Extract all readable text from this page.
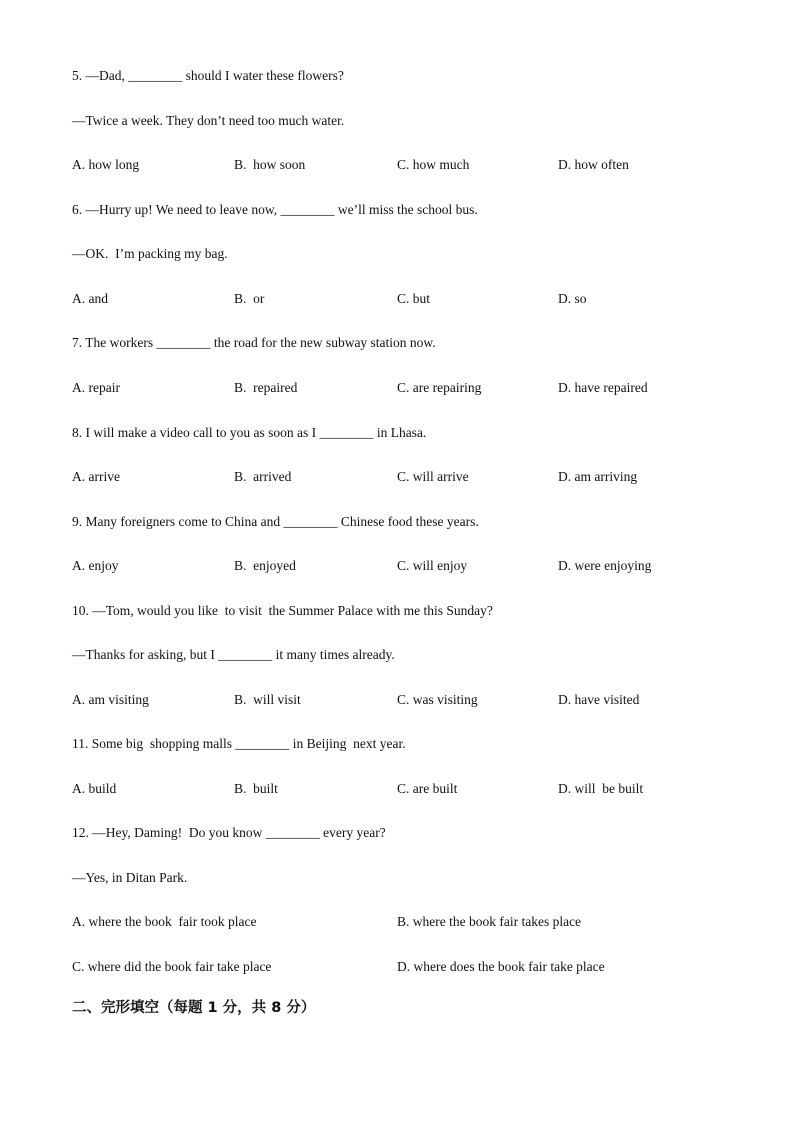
5. —Dad, ________ should I water these flowers?
—Twice a week. They don’t need too much water.
A. how long	B.  how soon	C. how much	D. how often
6. —Hurry up! We need to leave now, ________ we’ll miss the school bus.
—OK.  I’m packing my bag.
A. and	B.  or	C. but	D. so
7. The workers ________ the road for the new subway station now.
A. repair	B.  repaired	C. are repairing	D. have repaired
8. I will make a video call to you as soon as I ________ in Lhasa.
A. arrive	B.  arrived	C. will arrive	D. am arriving
9. Many foreigners come to China and ________ Chinese food these years.
A. enjoy	B.  enjoyed	C. will enjoy	D. were enjoying
10. —Tom, would you like  to visit  the Summer Palace with me this Sunday?
—Thanks for asking, but I ________ it many times already.
A. am visiting	B.  will visit	C. was visiting	D. have visited
11. Some big  shopping malls ________ in Beijing  next year.
A. build	B.  built	C. are built	D. will  be built
12. —Hey, Daming!  Do you know ________ every year?
—Yes, in Ditan Park.
A. where the book  fair took place	B. where the book fair takes place
C. where did the book fair take place	D. where does the book fair take place
二、完形填空（每题 1 分，共 8 分）
